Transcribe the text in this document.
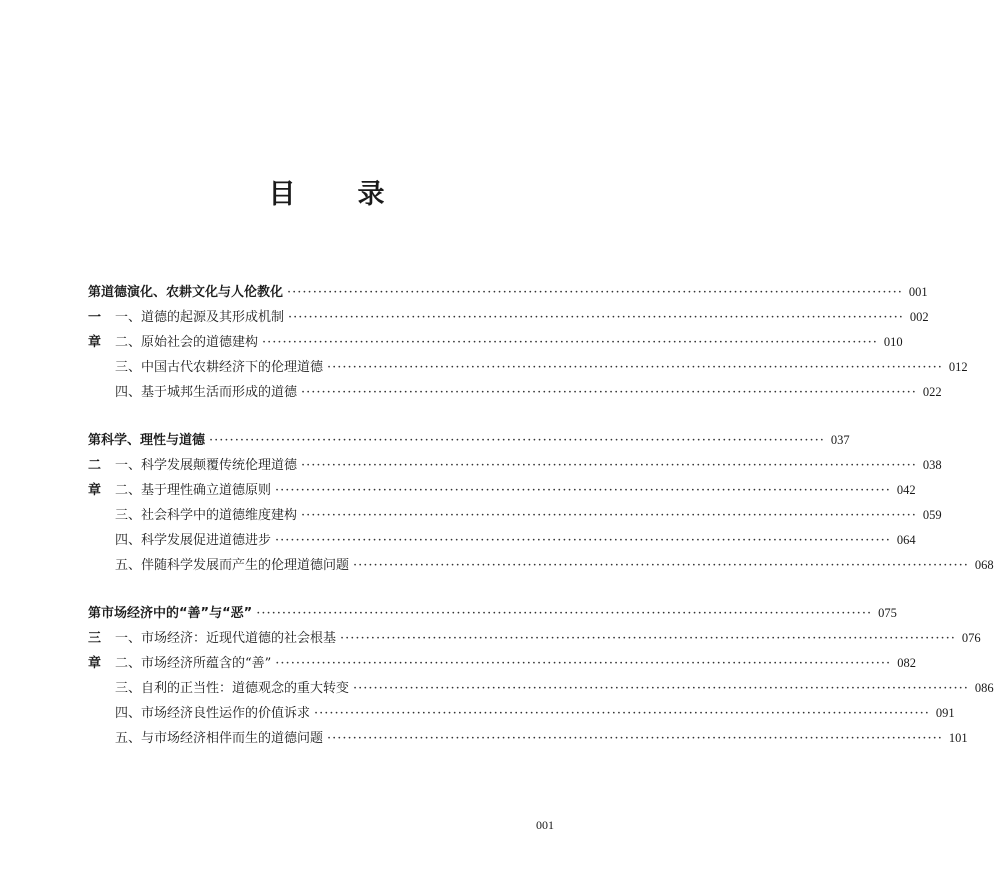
目 录
第一章
道德演化、农耕文化与人伦教化 ························································································································ 001
一、道德的起源及其形成机制 ························································································································ 002
二、原始社会的道德建构 ························································································································ 010
三、中国古代农耕经济下的伦理道德 ························································································································ 012
四、基于城邦生活而形成的道德 ························································································································ 022
第二章
科学、理性与道德 ························································································································ 037
一、科学发展颠覆传统伦理道德 ························································································································ 038
二、基于理性确立道德原则 ························································································································ 042
三、社会科学中的道德维度建构 ························································································································ 059
四、科学发展促进道德进步 ························································································································ 064
五、伴随科学发展而产生的伦理道德问题 ························································································································ 068
第三章
市场经济中的“善”与“恶” ························································································································ 075
一、市场经济：近现代道德的社会根基 ························································································································ 076
二、市场经济所蕴含的“善” ························································································································ 082
三、自利的正当性：道德观念的重大转变 ························································································································ 086
四、市场经济良性运作的价值诉求 ························································································································ 091
五、与市场经济相伴而生的道德问题 ························································································································ 101
001
